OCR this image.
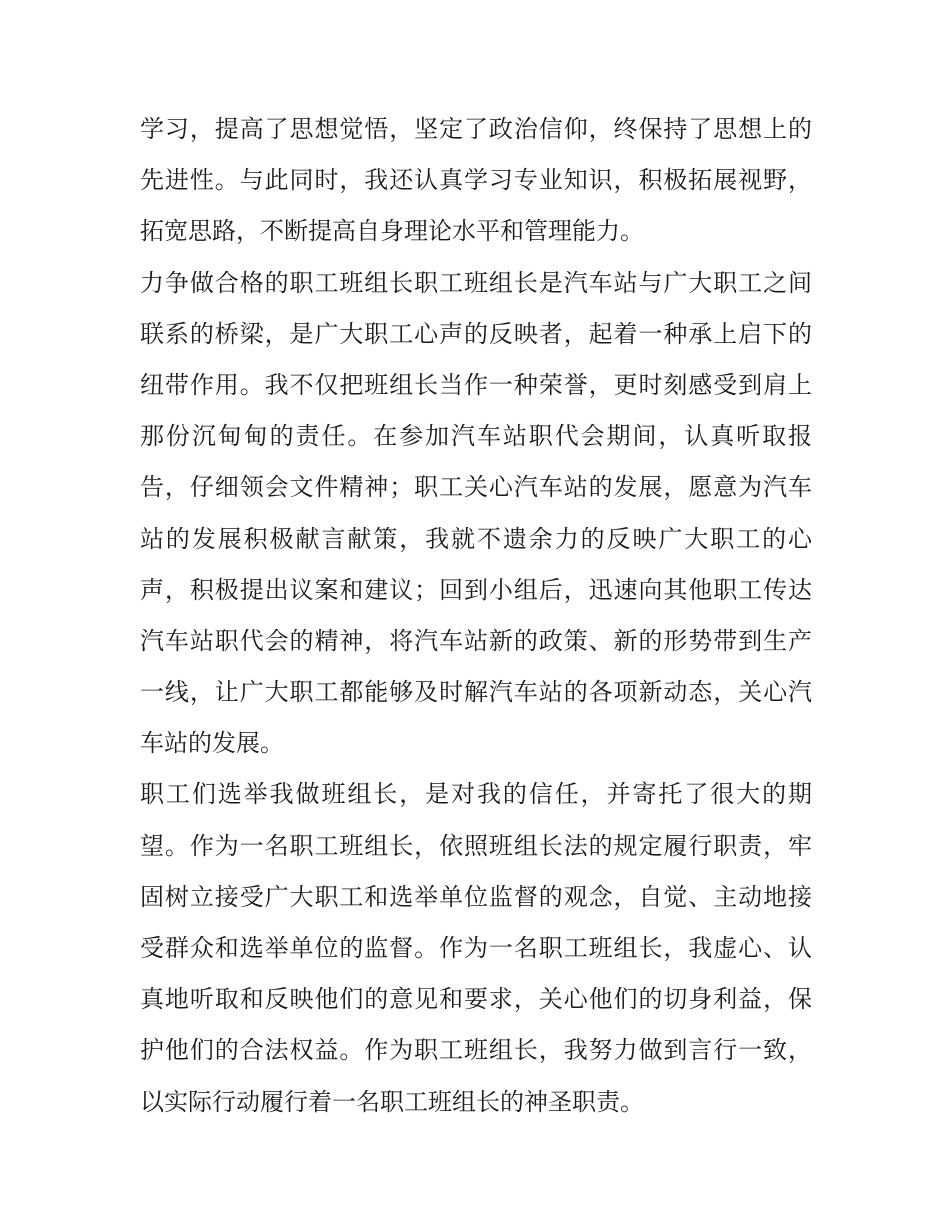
学习，提高了思想觉悟，坚定了政治信仰，终保持了思想上的
先进性。与此同时，我还认真学习专业知识，积极拓展视野，
拓宽思路，不断提高自身理论水平和管理能力。
力争做合格的职工班组长职工班组长是汽车站与广大职工之间
联系的桥梁，是广大职工心声的反映者，起着一种承上启下的
纽带作用。我不仅把班组长当作一种荣誉，更时刻感受到肩上
那份沉甸甸的责任。在参加汽车站职代会期间，认真听取报
告，仔细领会文件精神；职工关心汽车站的发展，愿意为汽车
站的发展积极献言献策，我就不遗余力的反映广大职工的心
声，积极提出议案和建议；回到小组后，迅速向其他职工传达
汽车站职代会的精神，将汽车站新的政策、新的形势带到生产
一线，让广大职工都能够及时解汽车站的各项新动态，关心汽
车站的发展。
职工们选举我做班组长，是对我的信任，并寄托了很大的期
望。作为一名职工班组长，依照班组长法的规定履行职责，牢
固树立接受广大职工和选举单位监督的观念，自觉、主动地接
受群众和选举单位的监督。作为一名职工班组长，我虚心、认
真地听取和反映他们的意见和要求，关心他们的切身利益，保
护他们的合法权益。作为职工班组长，我努力做到言行一致，
以实际行动履行着一名职工班组长的神圣职责。
